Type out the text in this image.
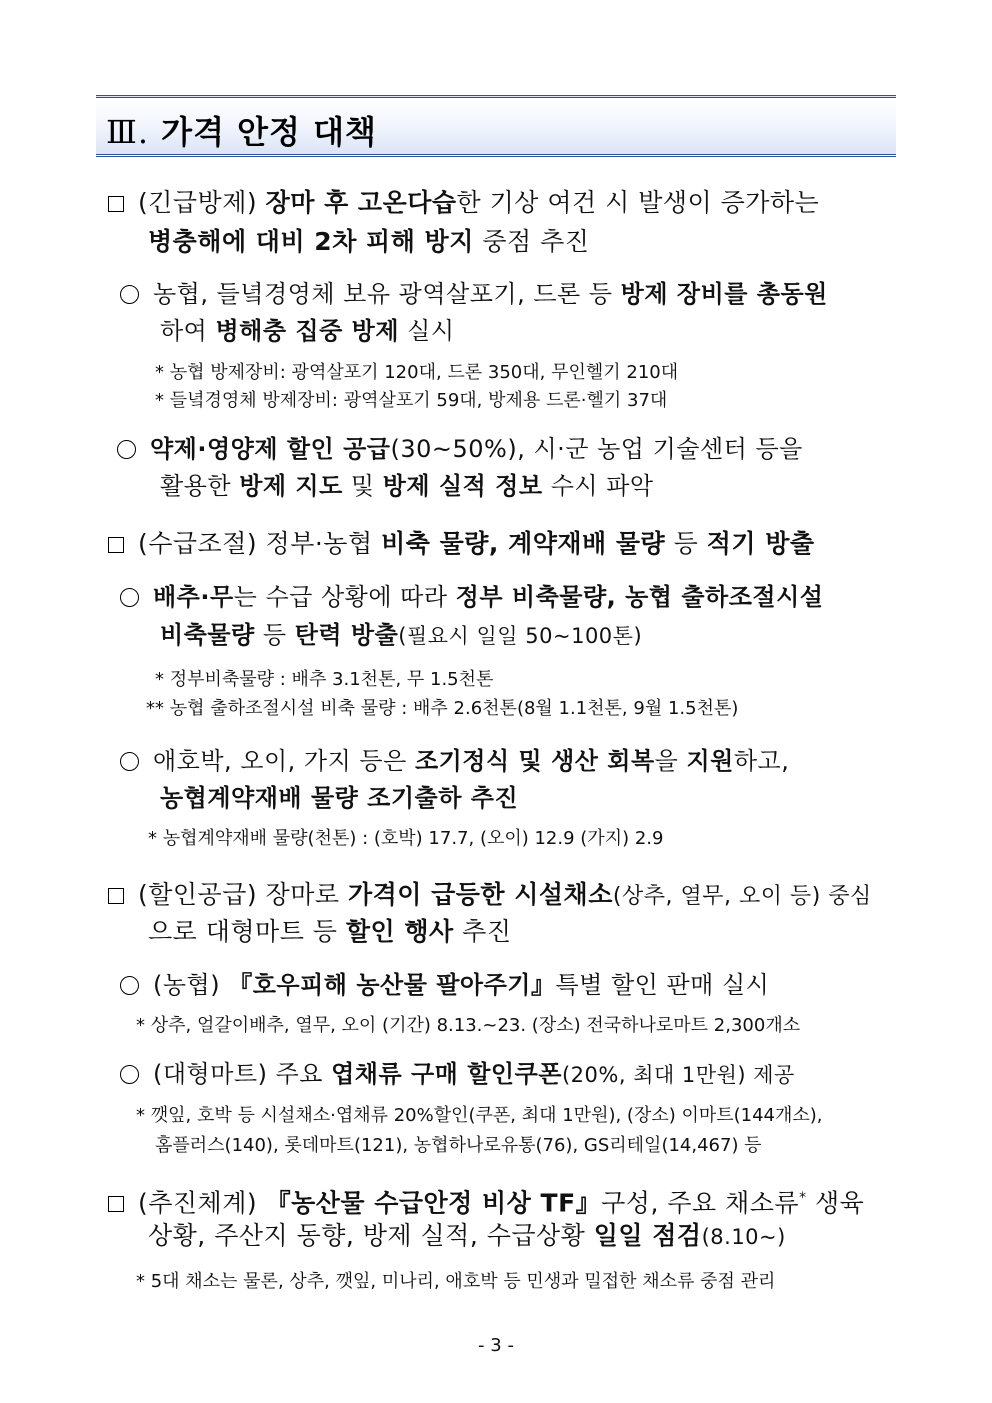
Ⅲ. 가격 안정 대책
(긴급방제) 장마 후 고온다습한 기상 여건 시 발생이 증가하는
병충해에 대비 2차 피해 방지 중점 추진
농협, 들녘경영체 보유 광역살포기, 드론 등 방제 장비를 총동원
하여 병해충 집중 방제 실시
* 농협 방제장비: 광역살포기 120대, 드론 350대, 무인헬기 210대
* 들녘경영체 방제장비: 광역살포기 59대, 방제용 드론·헬기 37대
약제·영양제 할인 공급(30~50%), 시·군 농업 기술센터 등을
활용한 방제 지도 및 방제 실적 정보 수시 파악
(수급조절) 정부·농협 비축 물량, 계약재배 물량 등 적기 방출
배추·무는 수급 상황에 따라 정부 비축물량, 농협 출하조절시설
비축물량 등 탄력 방출(필요시 일일 50~100톤)
* 정부비축물량 : 배추 3.1천톤, 무 1.5천톤
** 농협 출하조절시설 비축 물량 : 배추 2.6천톤(8월 1.1천톤, 9월 1.5천톤)
애호박, 오이, 가지 등은 조기정식 및 생산 회복을 지원하고,
농협계약재배 물량 조기출하 추진
* 농협계약재배 물량(천톤) : (호박) 17.7, (오이) 12.9 (가지) 2.9
(할인공급) 장마로 가격이 급등한 시설채소(상추, 열무, 오이 등) 중심
으로 대형마트 등 할인 행사 추진
(농협) 『호우피해 농산물 팔아주기』특별 할인 판매 실시
* 상추, 얼갈이배추, 열무, 오이 (기간) 8.13.~23. (장소) 전국하나로마트 2,300개소
(대형마트) 주요 엽채류 구매 할인쿠폰(20%, 최대 1만원) 제공
* 깻잎, 호박 등 시설채소·엽채류 20%할인(쿠폰, 최대 1만원), (장소) 이마트(144개소),
홈플러스(140), 롯데마트(121), 농협하나로유통(76), GS리테일(14,467) 등
(추진체계) 『농산물 수급안정 비상 TF』구성, 주요 채소류* 생육
상황, 주산지 동향, 방제 실적, 수급상황 일일 점검(8.10~)
* 5대 채소는 물론, 상추, 깻잎, 미나리, 애호박 등 민생과 밀접한 채소류 중점 관리
- 3 -
